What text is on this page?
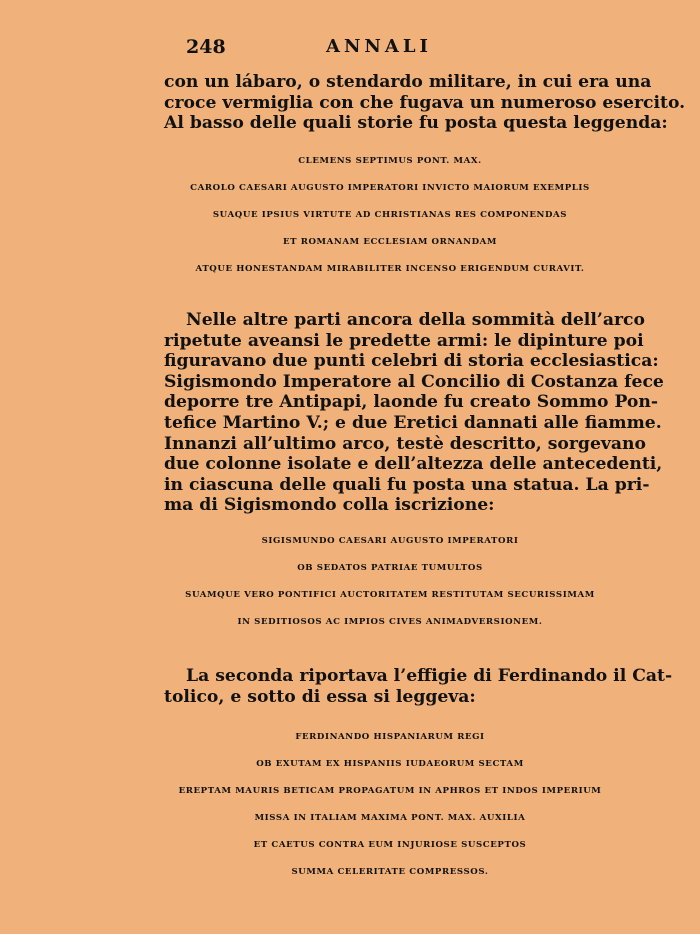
248	ANNALI
con un lábaro, o stendardo militare, in cui era una
croce vermiglia con che fugava un numeroso esercito.
Al basso delle quali storie fu posta questa leggenda:
CLEMENS SEPTIMUS PONT. MAX.
CAROLO CAESARI AUGUSTO IMPERATORI INVICTO MAIORUM EXEMPLIS
SUAQUE IPSIUS VIRTUTE AD CHRISTIANAS RES COMPONENDAS
ET ROMANAM ECCLESIAM ORNANDAM
ATQUE HONESTANDAM MIRABILITER INCENSO ERIGENDUM CURAVIT.
Nelle altre parti ancora della sommità dell’arco
ripetute aveansi le predette armi: le dipinture poi
figuravano due punti celebri di storia ecclesiastica:
Sigismondo Imperatore al Concilio di Costanza fece
deporre tre Antipapi, laonde fu creato Sommo Pon-
tefice Martino V.; e due Eretici dannati alle fiamme.
Innanzi all’ultimo arco, testè descritto, sorgevano
due colonne isolate e dell’altezza delle antecedenti,
in ciascuna delle quali fu posta una statua. La pri-
ma di Sigismondo colla iscrizione:
SIGISMUNDO CAESARI AUGUSTO IMPERATORI
OB SEDATOS PATRIAE TUMULTOS
SUAMQUE VERO PONTIFICI AUCTORITATEM RESTITUTAM SECURISSIMAM
IN SEDITIOSOS AC IMPIOS CIVES ANIMADVERSIONEM.
La seconda riportava l’effigie di Ferdinando il Cat-
tolico, e sotto di essa si leggeva:
FERDINANDO HISPANIARUM REGI
OB EXUTAM EX HISPANIIS IUDAEORUM SECTAM
EREPTAM MAURIS BETICAM PROPAGATUM IN APHROS ET INDOS IMPERIUM
MISSA IN ITALIAM MAXIMA PONT. MAX. AUXILIA
ET CAETUS CONTRA EUM INJURIOSE SUSCEPTOS
SUMMA CELERITATE COMPRESSOS.
